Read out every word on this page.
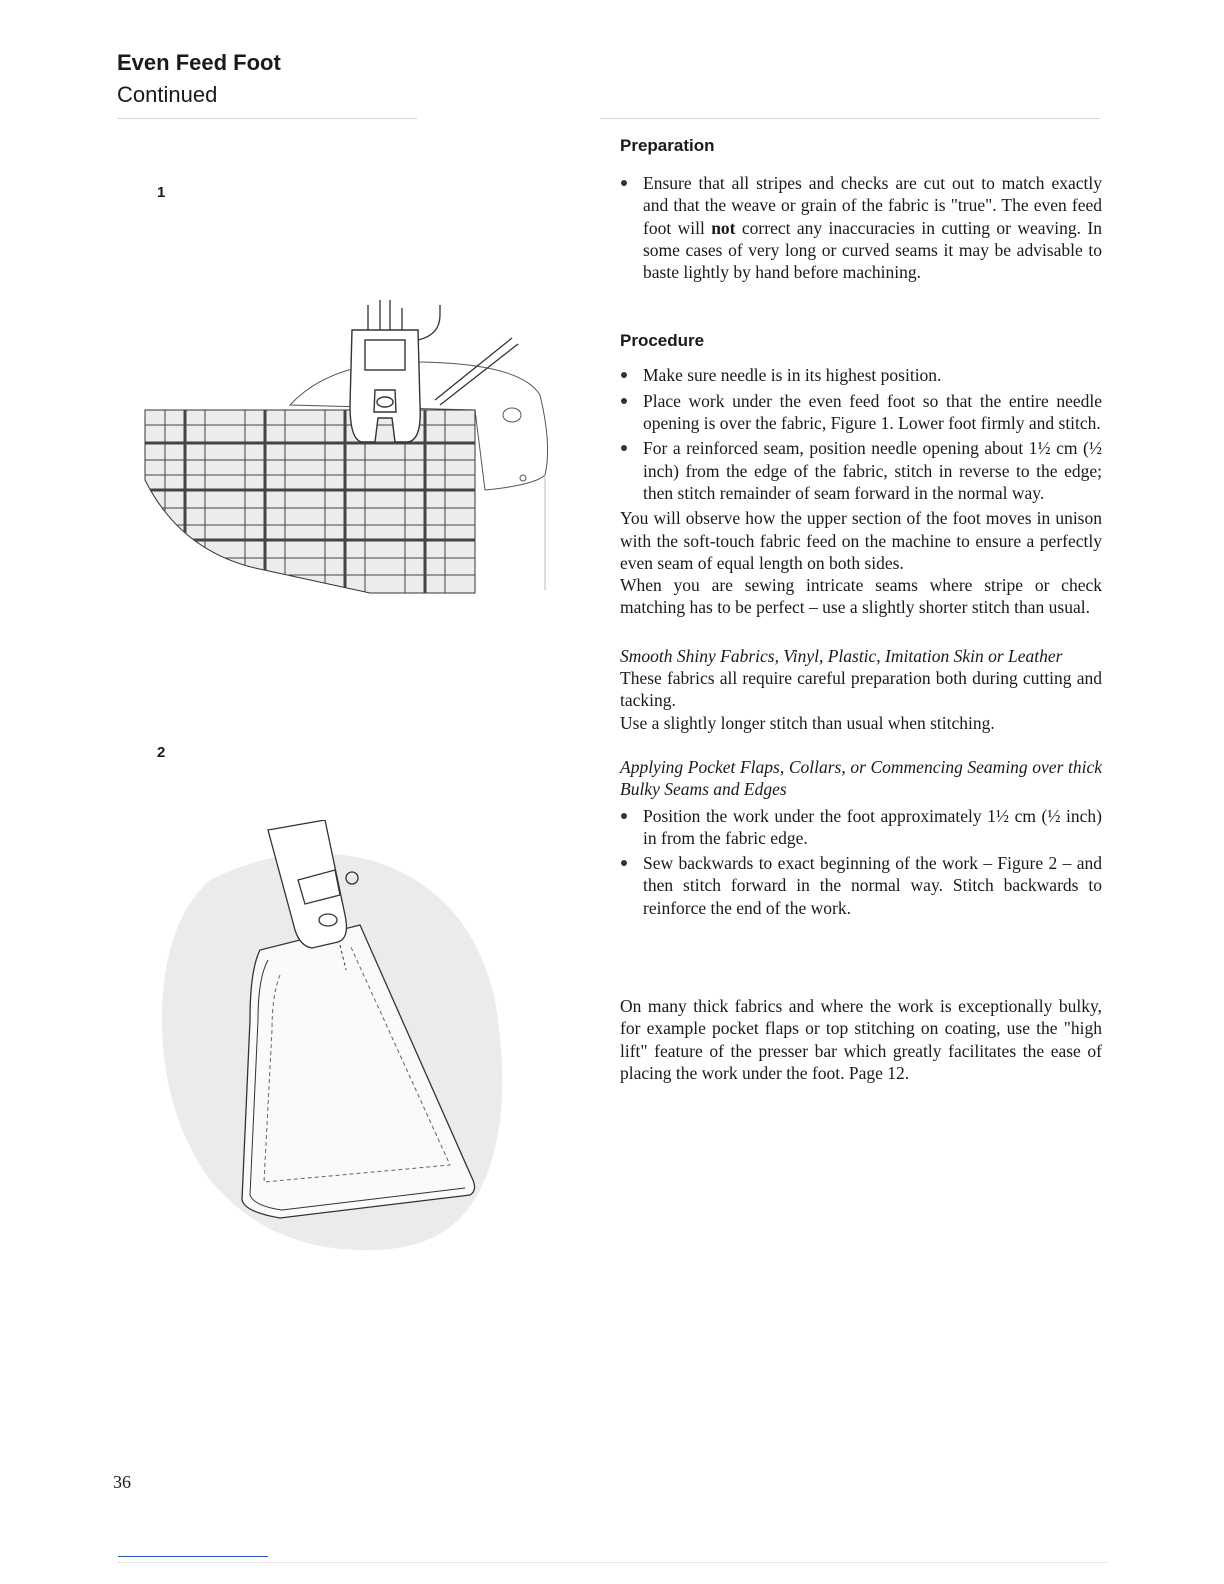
Even Feed Foot
Continued
1
2
Preparation
Ensure that all stripes and checks are cut out to match exactly and that the weave or grain of the fabric is "true". The even feed foot will not correct any inaccuracies in cutting or weaving. In some cases of very long or curved seams it may be advisable to baste lightly by hand before machining.
Procedure
Make sure needle is in its highest position.
Place work under the even feed foot so that the entire needle opening is over the fabric, Figure 1. Lower foot firmly and stitch.
For a reinforced seam, position needle opening about 1½ cm (½ inch) from the edge of the fabric, stitch in reverse to the edge; then stitch remainder of seam forward in the normal way.

You will observe how the upper section of the foot moves in unison with the soft-touch fabric feed on the machine to ensure a perfectly even seam of equal length on both sides.

When you are sewing intricate seams where stripe or check matching has to be perfect – use a slightly shorter stitch than usual.

Smooth Shiny Fabrics, Vinyl, Plastic, Imitation Skin or Leather

These fabrics all require careful preparation both during cutting and tacking.

Use a slightly longer stitch than usual when stitching.

Applying Pocket Flaps, Collars, or Commencing Seaming over thick Bulky Seams and Edges

Position the work under the foot approximately 1½ cm (½ inch) in from the fabric edge.
Sew backwards to exact beginning of the work – Figure 2 – and then stitch forward in the normal way. Stitch backwards to reinforce the end of the work.

On many thick fabrics and where the work is exceptionally bulky, for example pocket flaps or top stitching on coating, use the "high lift" feature of the presser bar which greatly facilitates the ease of placing the work under the foot. Page 12.

36
